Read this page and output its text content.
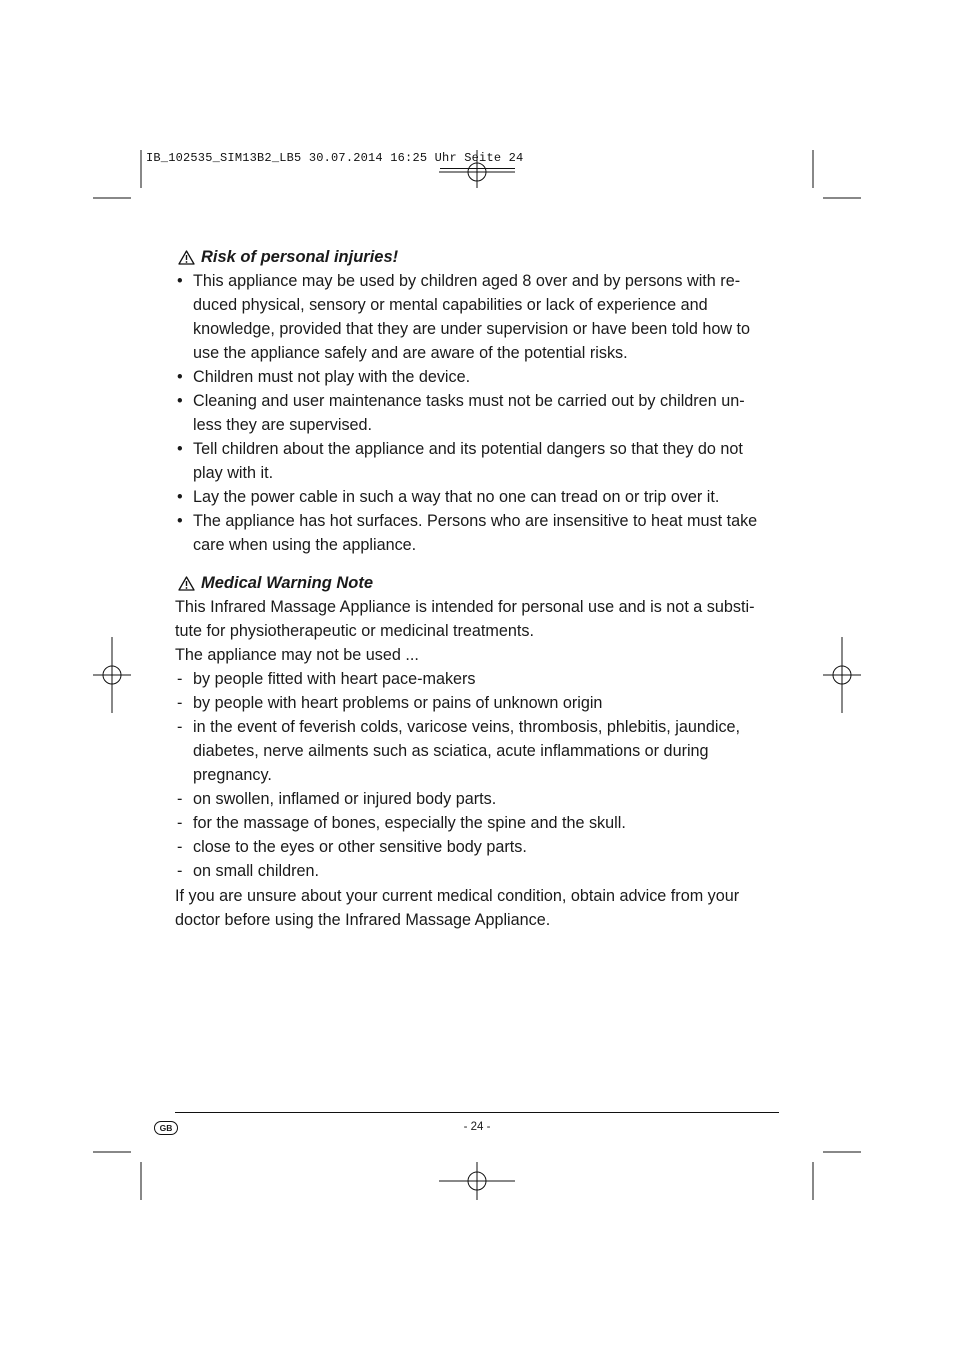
IB_102535_SIM13B2_LB5 30.07.2014 16:25 Uhr Seite 24
Risk of personal injuries!
• This appliance may be used by children aged 8 over and by persons with re-
duced physical, sensory or mental capabilities or lack of experience and
knowledge, provided that they are under supervision or have been told how to
use the appliance safely and are aware of the potential risks.
• Children must not play with the device.
• Cleaning and user maintenance tasks must not be carried out by children un-
less they are supervised.
• Tell children about the appliance and its potential dangers so that they do not
play with it.
• Lay the power cable in such a way that no one can tread on or trip over it.
• The appliance has hot surfaces. Persons who are insensitive to heat must take
care when using the appliance.
Medical Warning Note

This Infrared Massage Appliance is intended for personal use and is not a substi-
tute for physiotherapeutic or medicinal treatments.
The appliance may not be used ...

- by people fitted with heart pace-makers
- by people with heart problems or pains of unknown origin
- in the event of feverish colds, varicose veins, thrombosis, phlebitis, jaundice,
diabetes, nerve ailments such as sciatica, acute inflammations or during
pregnancy.
- on swollen, inflamed or injured body parts.
- for the massage of bones, especially the spine and the skull.
- close to the eyes or other sensitive body parts.
- on small children.

If you are unsure about your current medical condition, obtain advice from your
doctor before using the Infrared Massage Appliance.

GB	- 24 -
